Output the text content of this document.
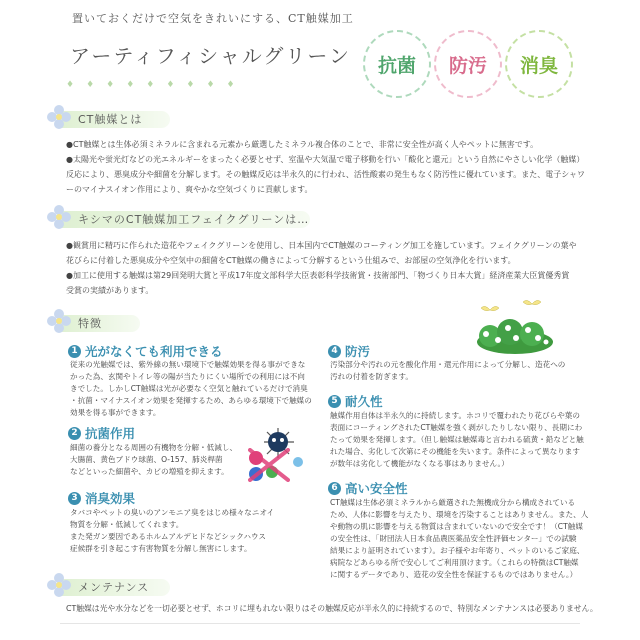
置いておくだけで空気をきれいにする、CT触媒加工
アーティフィシャルグリーン
♦♦♦♦♦♦♦♦♦
抗菌 防汚 消臭
CT触媒とは

●CT触媒とは生体必須ミネラルに含まれる元素から厳選したミネラル複合体のことで、非常に安全性が高く人やペットに無害です。

●太陽光や蛍光灯などの光エネルギーをまったく必要とせず、室温や大気温で電子移動を行い「酸化と還元」という自然にやさしい化学（触媒）

反応により、悪臭成分や細菌を分解します。その触媒反応は半永久的に行われ、活性酸素の発生もなく防汚性に優れています。また、電子シャワ

ーのマイナスイオン作用により、爽やかな空気づくりに貢献します。

キシマのCT触媒加工フェイクグリーンは…

●観賞用に精巧に作られた造花やフェイクグリーンを使用し、日本国内でCT触媒のコーティング加工を施しています。フェイクグリーンの葉や

花びらに付着した悪臭成分や空気中の細菌をCT触媒の働きによって分解するという仕組みで、お部屋の空気浄化を行います。

●加工に使用する触媒は第29回発明大賞と平成17年度文部科学大臣表彰科学技術賞・技術部門、「物づくり日本大賞」経済産業大臣賞優秀賞

受賞の実績があります。

特徴
1 光がなくても利用できる

従来の光触媒では、紫外線の無い環境下で触媒効果を得る事ができな

かった為、玄関やトイレ等の陽が当たりにくい場所での利用には不向

きでした。しかしCT触媒は光が必要なく空気と触れているだけで消臭

・抗菌・マイナスイオン効果を発揮するため、あらゆる環境下で触媒の

効果を得る事ができます。

2 抗菌作用

細菌の養分となる周囲の有機物を分解・低減し、

大腸菌、黄色ブドウ球菌、O-157、肺炎桿菌

などといった細菌や、カビの増殖を抑えます。

3 消臭効果

タバコやペットの臭いのアンモニア臭をはじめ様々なニオイ

物質を分解・低減してくれます。

また発ガン要因であるホルムアルデヒドなどシックハウス

症候群を引き起こす有害物質を分解し無害にします。

4 防汚

汚染部分や汚れの元を酸化作用・還元作用によって分解し、造花への

汚れの付着を防ぎます。

5 耐久性

触媒作用自体は半永久的に持続します。ホコリで覆われたり花びらや葉の

表面にコーティングされたCT触媒を強く剥がしたりしない限り、長期にわ

たって効果を発揮します。（但し触媒は触媒毒と言われる硫黄・鉛などと触

れた場合、劣化して次第にその機能を失います。条件によって異なります

が数年は劣化して機能がなくなる事はありません。）

6 高い安全性

CT触媒は生体必須ミネラルから厳選された無機成分から構成されている

ため、人体に影響を与えたり、環境を汚染することはありません。また、人

や動物の肌に影響を与える物質は含まれていないので安全です！（CT触媒

の安全性は、「財団法人日本食品農医薬品安全性評価センター」での試験

結果により証明されています）。お子様やお年寄り、ペットのいるご家庭、

病院などあらゆる所で安心してご利用頂けます。（これらの特徴はCT触媒

に関するデータであり、造花の安全性を保証するものではありません。）

メンテナンス

CT触媒は光や水分などを一切必要とせず、ホコリに埋もれない限りはその触媒反応が半永久的に持続するので、特別なメンテナンスは必要ありません。
